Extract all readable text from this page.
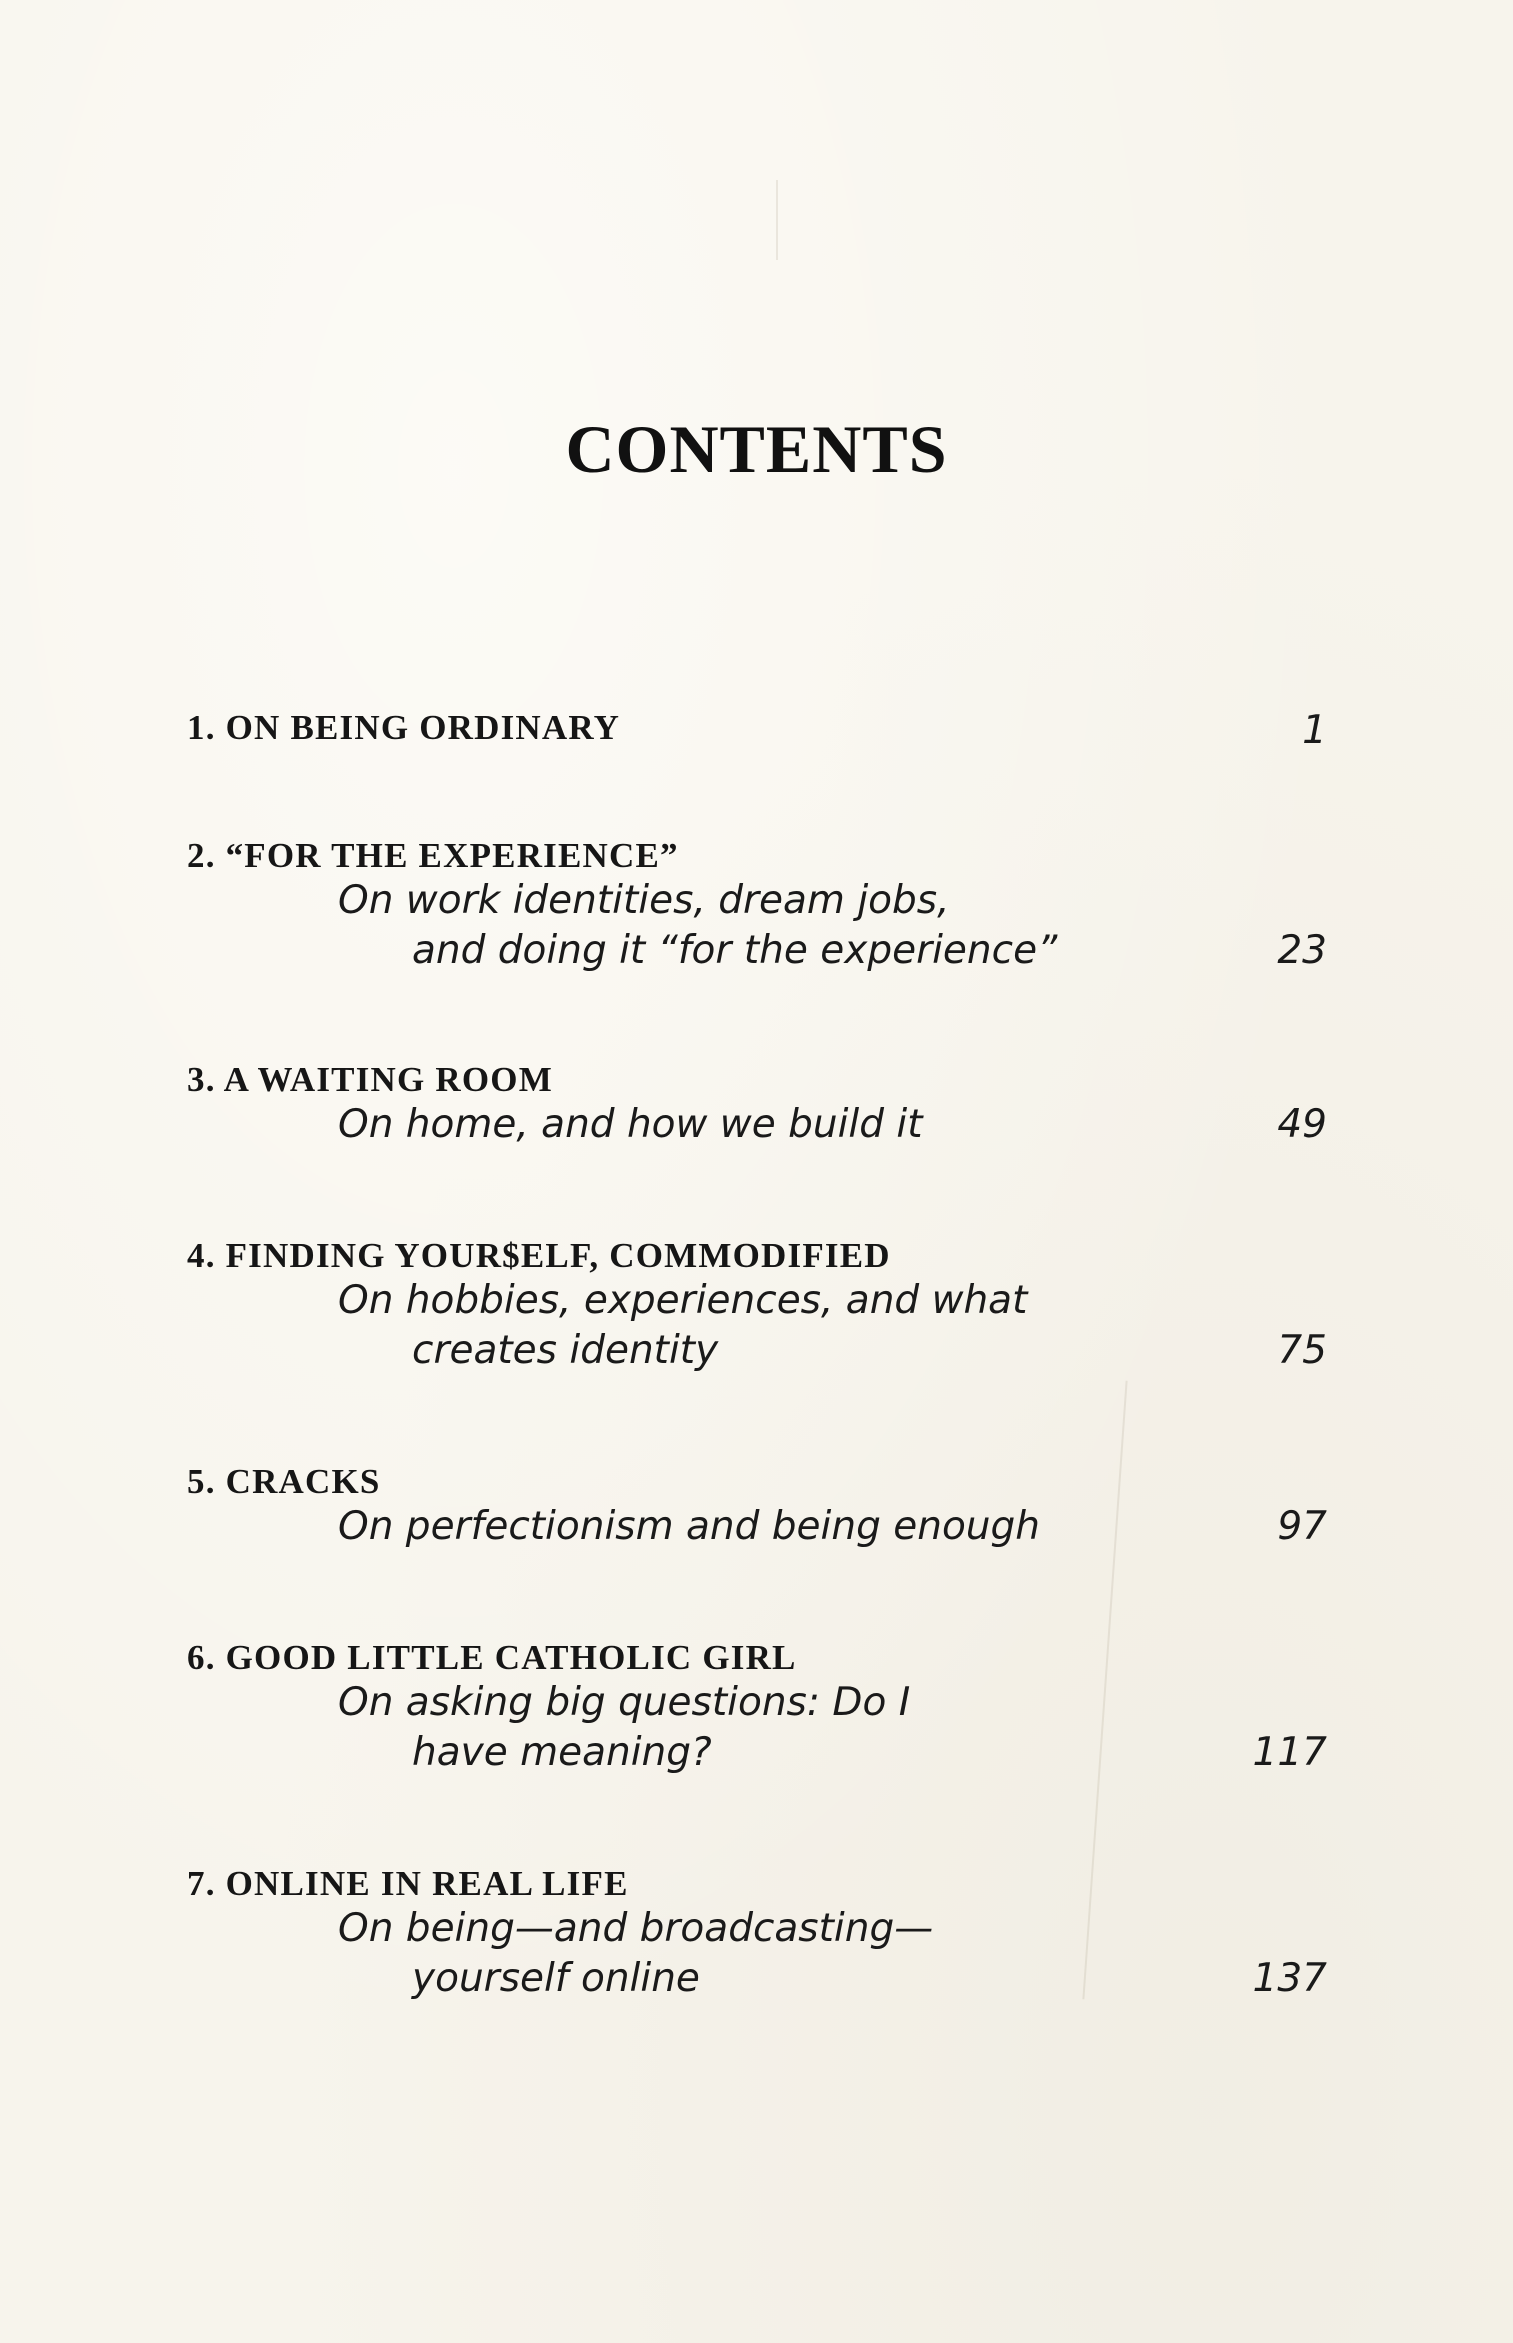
CONTENTS
1. ON BEING ORDINARY	1
2. “FOR THE EXPERIENCE”
On work identities, dream jobs,
and doing it “for the experience”	23
3. A WAITING ROOM
On home, and how we build it	49
4. FINDING YOUR$ELF, COMMODIFIED
On hobbies, experiences, and what
creates identity	75
5. CRACKS
On perfectionism and being enough	97
6. GOOD LITTLE CATHOLIC GIRL
On asking big questions: Do I
have meaning?	117
7. ONLINE IN REAL LIFE
On being—and broadcasting—
yourself online	137
